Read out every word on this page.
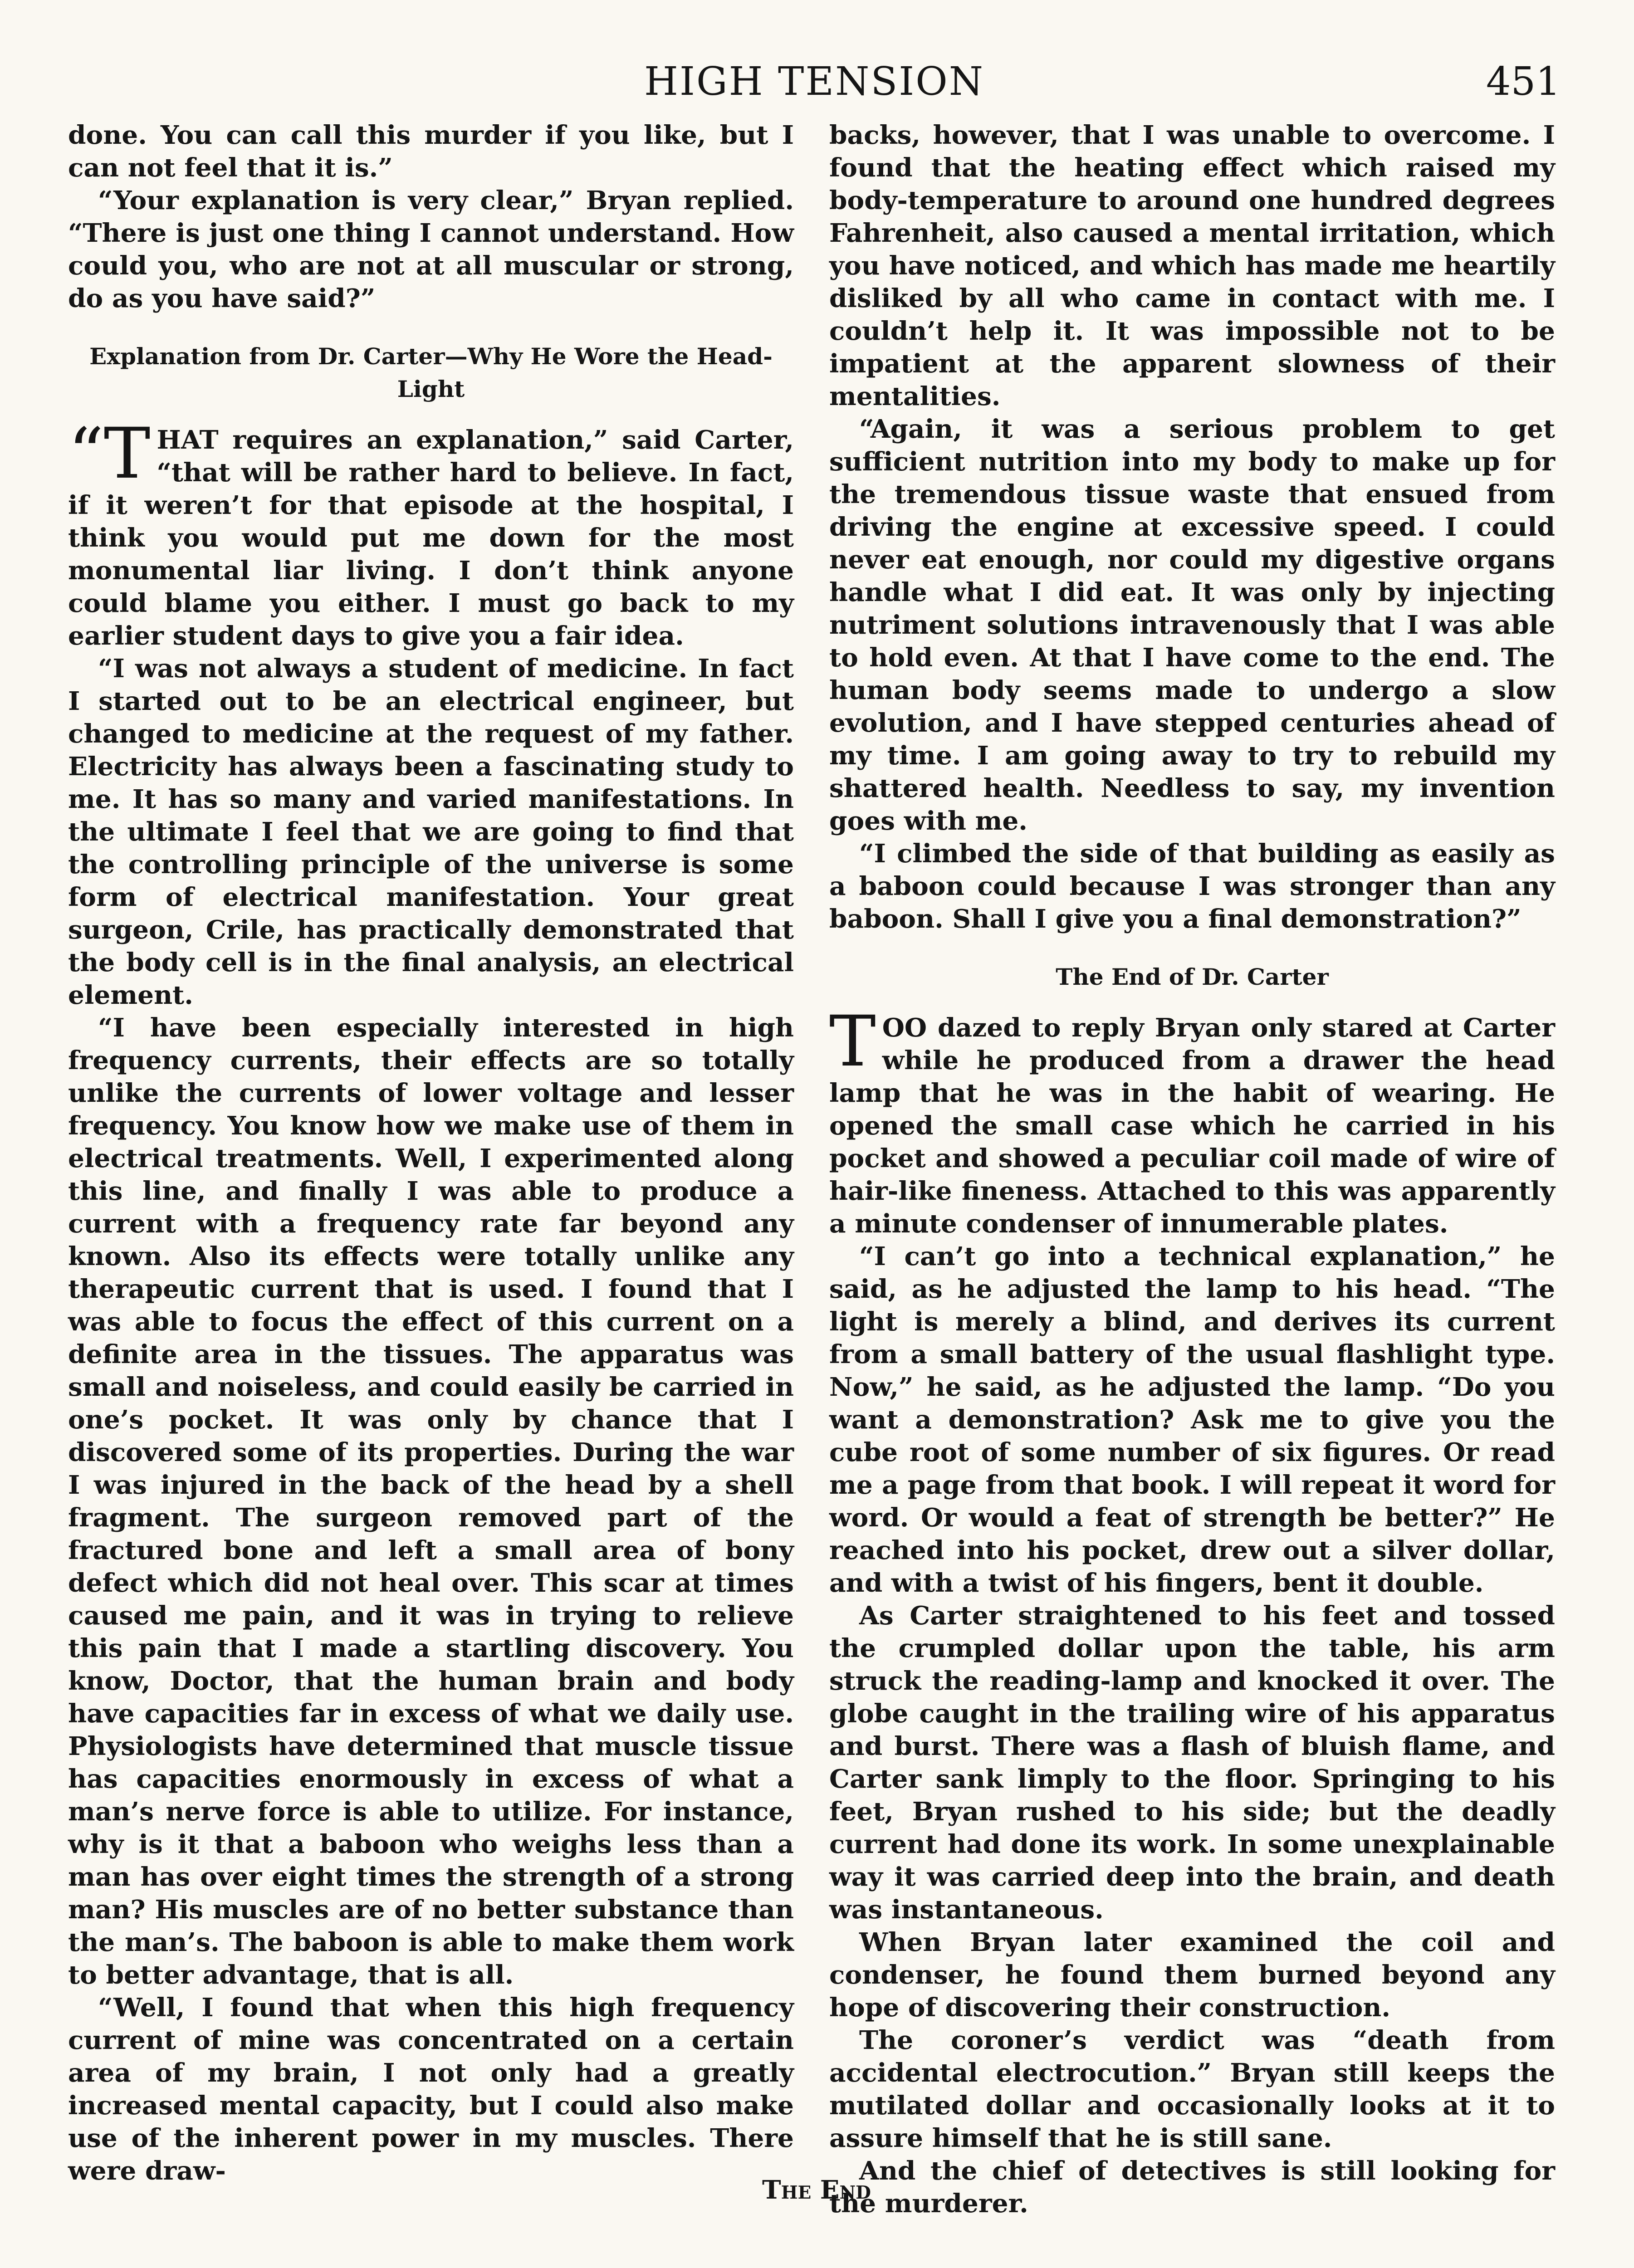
HIGH TENSION	451

done. You can call this murder if you like, but I can not feel that it is.”

“Your explanation is very clear,” Bryan replied. “There is just one thing I cannot understand. How could you, who are not at all muscular or strong, do as you have said?”

Explanation from Dr. Carter—Why He Wore the Head-Light

“THAT requires an explanation,” said Carter, “that will be rather hard to believe. In fact, if it weren’t for that episode at the hospital, I think you would put me down for the most monumental liar living. I don’t think anyone could blame you either. I must go back to my earlier student days to give you a fair idea.

“I was not always a student of medicine. In fact I started out to be an electrical engineer, but changed to medicine at the request of my father. Electricity has always been a fascinating study to me. It has so many and varied manifestations. In the ultimate I feel that we are going to find that the controlling principle of the universe is some form of electrical manifestation. Your great surgeon, Crile, has practically demonstrated that the body cell is in the final analysis, an electrical element.

“I have been especially interested in high frequency currents, their effects are so totally unlike the currents of lower voltage and lesser frequency. You know how we make use of them in electrical treatments. Well, I experimented along this line, and finally I was able to produce a current with a frequency rate far beyond any known. Also its effects were totally unlike any therapeutic current that is used. I found that I was able to focus the effect of this current on a definite area in the tissues. The apparatus was small and noiseless, and could easily be carried in one’s pocket. It was only by chance that I discovered some of its properties. During the war I was injured in the back of the head by a shell fragment. The surgeon removed part of the fractured bone and left a small area of bony defect which did not heal over. This scar at times caused me pain, and it was in trying to relieve this pain that I made a startling discovery. You know, Doctor, that the human brain and body have capacities far in excess of what we daily use. Physiologists have determined that muscle tissue has capacities enormously in excess of what a man’s nerve force is able to utilize. For instance, why is it that a baboon who weighs less than a man has over eight times the strength of a strong man? His muscles are of no better substance than the man’s. The baboon is able to make them work to better advantage, that is all.

“Well, I found that when this high frequency current of mine was concentrated on a certain area of my brain, I not only had a greatly increased mental capacity, but I could also make use of the inherent power in my muscles. There were draw-

backs, however, that I was unable to overcome. I found that the heating effect which raised my body-temperature to around one hundred degrees Fahrenheit, also caused a mental irritation, which you have noticed, and which has made me heartily disliked by all who came in contact with me. I couldn’t help it. It was impossible not to be impatient at the apparent slowness of their mentalities.

“Again, it was a serious problem to get sufficient nutrition into my body to make up for the tremendous tissue waste that ensued from driving the engine at excessive speed. I could never eat enough, nor could my digestive organs handle what I did eat. It was only by injecting nutriment solutions intravenously that I was able to hold even. At that I have come to the end. The human body seems made to undergo a slow evolution, and I have stepped centuries ahead of my time. I am going away to try to rebuild my shattered health. Needless to say, my invention goes with me.

“I climbed the side of that building as easily as a baboon could because I was stronger than any baboon. Shall I give you a final demonstration?”

The End of Dr. Carter

TOO dazed to reply Bryan only stared at Carter while he produced from a drawer the head lamp that he was in the habit of wearing. He opened the small case which he carried in his pocket and showed a peculiar coil made of wire of hair-like fineness. Attached to this was apparently a minute condenser of innumerable plates.

“I can’t go into a technical explanation,” he said, as he adjusted the lamp to his head. “The light is merely a blind, and derives its current from a small battery of the usual flashlight type. Now,” he said, as he adjusted the lamp. “Do you want a demonstration? Ask me to give you the cube root of some number of six figures. Or read me a page from that book. I will repeat it word for word. Or would a feat of strength be better?” He reached into his pocket, drew out a silver dollar, and with a twist of his fingers, bent it double.

As Carter straightened to his feet and tossed the crumpled dollar upon the table, his arm struck the reading-lamp and knocked it over. The globe caught in the trailing wire of his apparatus and burst. There was a flash of bluish flame, and Carter sank limply to the floor. Springing to his feet, Bryan rushed to his side; but the deadly current had done its work. In some unexplainable way it was carried deep into the brain, and death was instantaneous.

When Bryan later examined the coil and condenser, he found them burned beyond any hope of discovering their construction.

The coroner’s verdict was “death from accidental electrocution.” Bryan still keeps the mutilated dollar and occasionally looks at it to assure himself that he is still sane.

And the chief of detectives is still looking for the murderer.

The End
